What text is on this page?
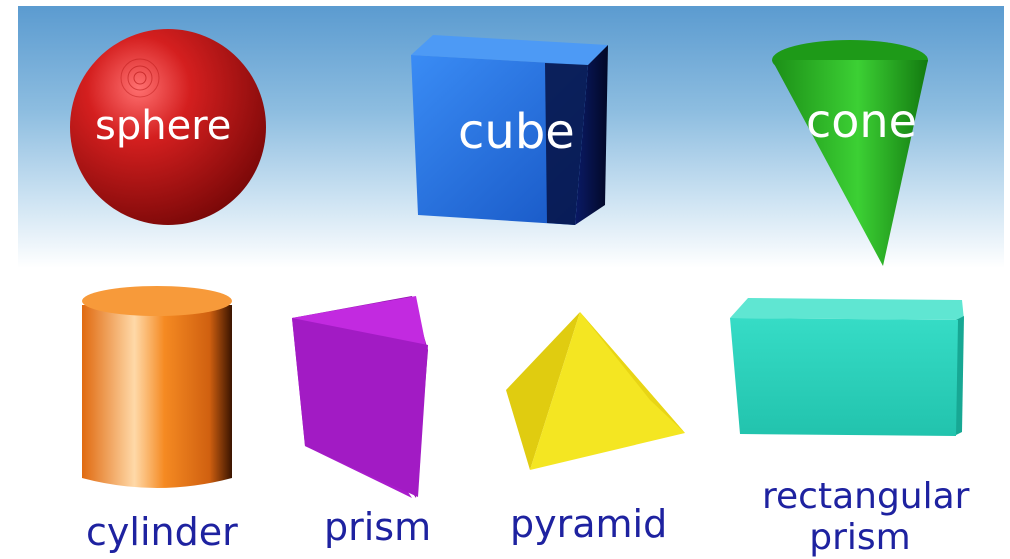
sphere	cube	cone
cylinder prism pyramid
rectangular
prism
